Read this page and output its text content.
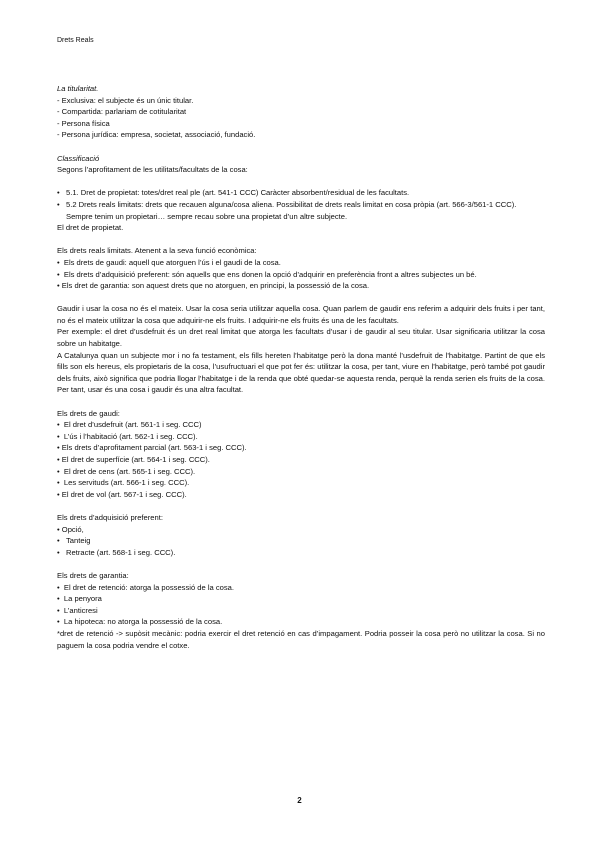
Drets Reals

La titularitat.

- Exclusiva: el subjecte és un únic titular.

- Compartida: parlariam de cotitularitat

- Persona física

- Persona jurídica: empresa, societat, associació, fundació.

Classificació

Segons l’aprofitament de les utilitats/facultats de la cosa:

• 5.1. Dret de propietat: totes/dret real ple (art. 541-1 CCC) Caràcter absorbent/residual de les facultats.
• 5.2 Drets reals limitats: drets que recauen alguna/cosa aliena. Possibilitat de drets reals limitat en cosa pròpia (art. 566-3/561-1 CCC). Sempre tenim un propietari… sempre recau sobre una propietat d’un altre subjecte.

El dret de propietat.

Els drets reals limitats. Atenent a la seva funció econòmica:

• Els drets de gaudi: aquell que atorguen l’ús i el gaudi de la cosa.
• Els drets d’adquisició preferent: són aquells que ens donen la opció d’adquirir en preferència front a altres subjectes un bé.
• Els dret de garantia: son aquest drets que no atorguen, en principi, la possessió de la cosa.

Gaudir i usar la cosa no és el mateix. Usar la cosa seria utilitzar aquella cosa. Quan parlem de gaudir ens referim a adquirir dels fruits i per tant, no és el mateix utilitzar la cosa que adquirir-ne els fruits. I adquirir-ne els fruits és una de les facultats.

Per exemple: el dret d’usdefruit és un dret real limitat que atorga les facultats d’usar i de gaudir al seu titular. Usar significaria utilitzar la cosa sobre un habitatge.

A Catalunya quan un subjecte mor i no fa testament, els fills hereten l’habitatge però la dona manté l’usdefruit de l’habitatge. Partint de que els fills son els hereus, els propietaris de la cosa, l’usufructuari el que pot fer és: utilitzar la cosa, per tant, viure en l’habitatge, però també pot gaudir dels fruits, això significa que podria llogar l’habitatge i de la renda que obté quedar-se aquesta renda, perquè la renda serien els fruits de la cosa. Per tant, usar és una cosa i gaudir és una altra facultat.

Els drets de gaudi:

• El dret d’usdefruit (art. 561-1 i seg. CCC)
• L’ús i l’habitació (art. 562-1 i seg. CCC).
• Els drets d’aprofitament parcial (art. 563-1 i seg. CCC).
• El dret de superfície (art. 564-1 i seg. CCC).
• El dret de cens (art. 565-1 i seg. CCC).
• Les servituds (art. 566-1 i seg. CCC).
• El dret de vol (art. 567-1 i seg. CCC).

Els drets d’adquisició preferent:

• Opció,
• Tanteig
• Retracte (art. 568-1 i seg. CCC).

Els drets de garantia:

• El dret de retenció: atorga la possessió de la cosa.
• La penyora
• L’anticresi
• La hipoteca: no atorga la possessió de la cosa.

*dret de retenció -> supòsit mecànic: podria exercir el dret retenció en cas d’impagament. Podria posseir la cosa però no utilitzar la cosa. Si no paguem la cosa podria vendre el cotxe.

2
